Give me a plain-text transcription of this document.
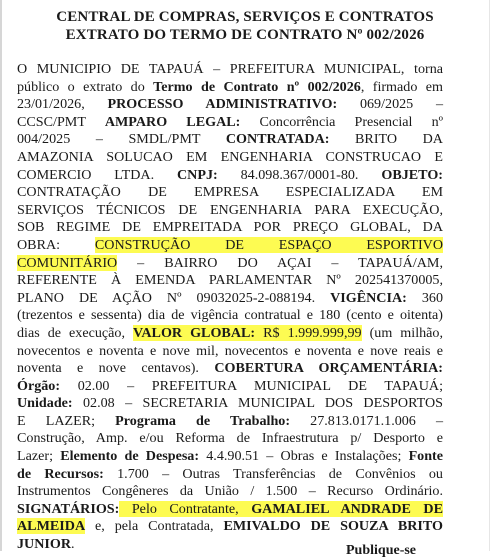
CENTRAL DE COMPRAS, SERVIÇOS E CONTRATOS
EXTRATO DO TERMO DE CONTRATO Nº 002/2026
O MUNICIPIO DE TAPAUÁ – PREFEITURA MUNICIPAL, torna
público o extrato do Termo de Contrato nº 002/2026, firmado em
23/01/2026, PROCESSO ADMINISTRATIVO: 069/2025 –
CCSC/PMT AMPARO LEGAL: Concorrência Presencial nº
004/2025 – SMDL/PMT CONTRATADA: BRITO DA
AMAZONIA SOLUCAO EM ENGENHARIA CONSTRUCAO E
COMERCIO LTDA. CNPJ: 84.098.367/0001-80. OBJETO:
CONTRATAÇÃO DE EMPRESA ESPECIALIZADA EM
SERVIÇOS TÉCNICOS DE ENGENHARIA PARA EXECUÇÃO,
SOB REGIME DE EMPREITADA POR PREÇO GLOBAL, DA
OBRA: CONSTRUÇÃO DE ESPAÇO ESPORTIVO
COMUNITÁRIO – BAIRRO DO AÇAI – TAPAUÁ/AM,
REFERENTE À EMENDA PARLAMENTAR Nº 202541370005,
PLANO DE AÇÃO Nº 09032025-2-088194. VIGÊNCIA: 360
(trezentos e sessenta) dia de vigência contratual e 180 (cento e oitenta)
dias de execução, VALOR GLOBAL: R$ 1.999.999,99 (um milhão,
novecentos e noventa e nove mil, novecentos e noventa e nove reais e
noventa e nove centavos). COBERTURA ORÇAMENTÁRIA:
Órgão: 02.00 – PREFEITURA MUNICIPAL DE TAPAUÁ;
Unidade: 02.08 – SECRETARIA MUNICIPAL DOS DESPORTOS
E LAZER; Programa de Trabalho: 27.813.0171.1.006 –
Construção, Amp. e/ou Reforma de Infraestrutura p/ Desporto e
Lazer; Elemento de Despesa: 4.4.90.51 – Obras e Instalações; Fonte
de Recursos: 1.700 – Outras Transferências de Convênios ou
Instrumentos Congêneres da União / 1.500 – Recurso Ordinário.
SIGNATÁRIOS: Pelo Contratante, GAMALIEL ANDRADE DE
ALMEIDA e, pela Contratada, EMIVALDO DE SOUZA BRITO
JUNIOR.	Publique-se
